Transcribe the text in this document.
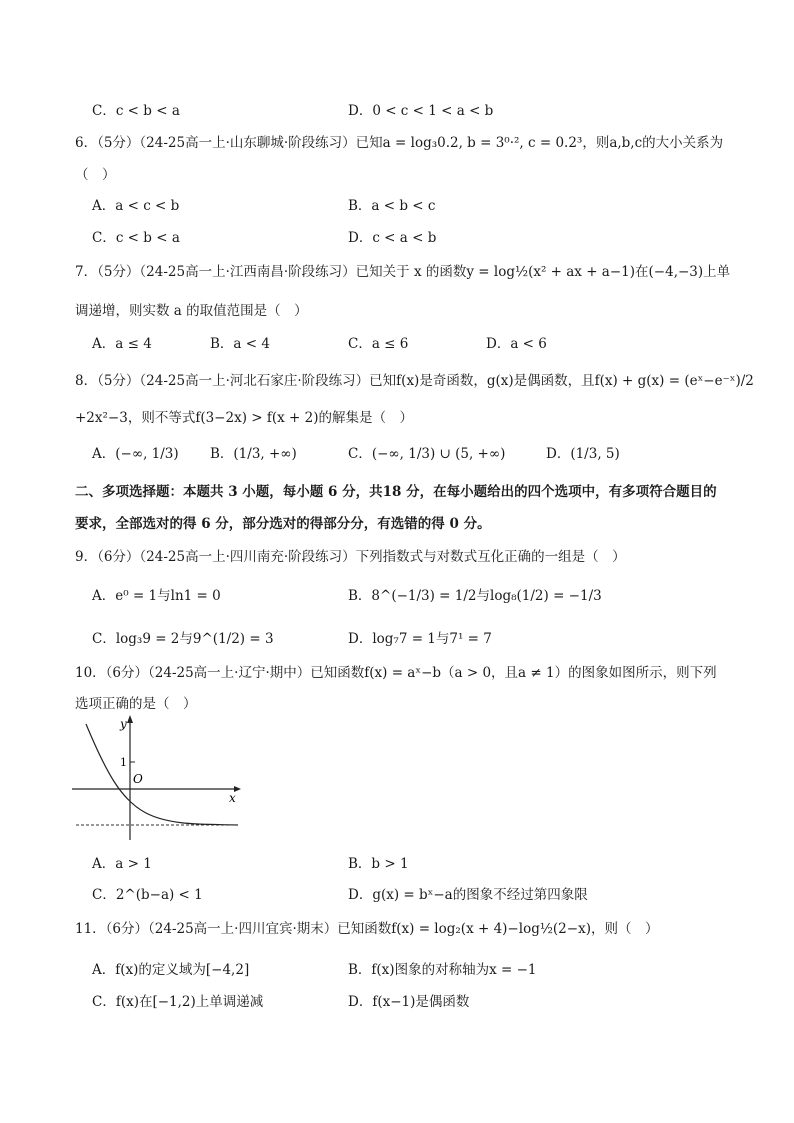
C．c < b < a	D．0 < c < 1 < a < b
6．（5分）（24-25高一上·山东聊城·阶段练习）已知a = log₃0.2, b = 3⁰·², c = 0.2³，则a,b,c的大小关系为
（　）
A．a < c < b	B．a < b < c
C．c < b < a	D．c < a < b
7．（5分）（24-25高一上·江西南昌·阶段练习）已知关于 x 的函数y = log½(x² + ax + a−1)在(−4,−3)上单
调递增，则实数 a 的取值范围是（　）
A．a ≤ 4	B．a < 4	C．a ≤ 6	D．a < 6
8．（5分）（24-25高一上·河北石家庄·阶段练习）已知f(x)是奇函数，g(x)是偶函数，且f(x) + g(x) = (eˣ−e⁻ˣ)/2
+2x²−3，则不等式f(3−2x) > f(x + 2)的解集是（　）
A．(−∞, 1/3) B．(1/3, +∞)	C．(−∞, 1/3) ∪ (5, +∞)	D．(1/3, 5)
二、多项选择题：本题共 3 小题，每小题 6 分，共18 分，在每小题给出的四个选项中，有多项符合题目的
要求，全部选对的得 6 分，部分选对的得部分分，有选错的得 0 分。
9．（6分）（24-25高一上·四川南充·阶段练习）下列指数式与对数式互化正确的一组是（　）
A．e⁰ = 1与ln1 = 0	B．8^(−1/3) = 1/2与log₈(1/2) = −1/3
C．log₃9 = 2与9^(1/2) = 3	D．log₇7 = 1与7¹ = 7
10．（6分）（24-25高一上·辽宁·期中）已知函数f(x) = aˣ−b（a > 0，且a ≠ 1）的图象如图所示，则下列
选项正确的是（　）
y
x
O
1
A．a > 1	B．b > 1
C．2^(b−a) < 1	D．g(x) = bˣ−a的图象不经过第四象限
11．（6分）（24-25高一上·四川宜宾·期末）已知函数f(x) = log₂(x + 4)−log½(2−x)，则（　）
A．f(x)的定义域为[−4,2]	B．f(x)图象的对称轴为x = −1
C．f(x)在[−1,2)上单调递减	D．f(x−1)是偶函数
